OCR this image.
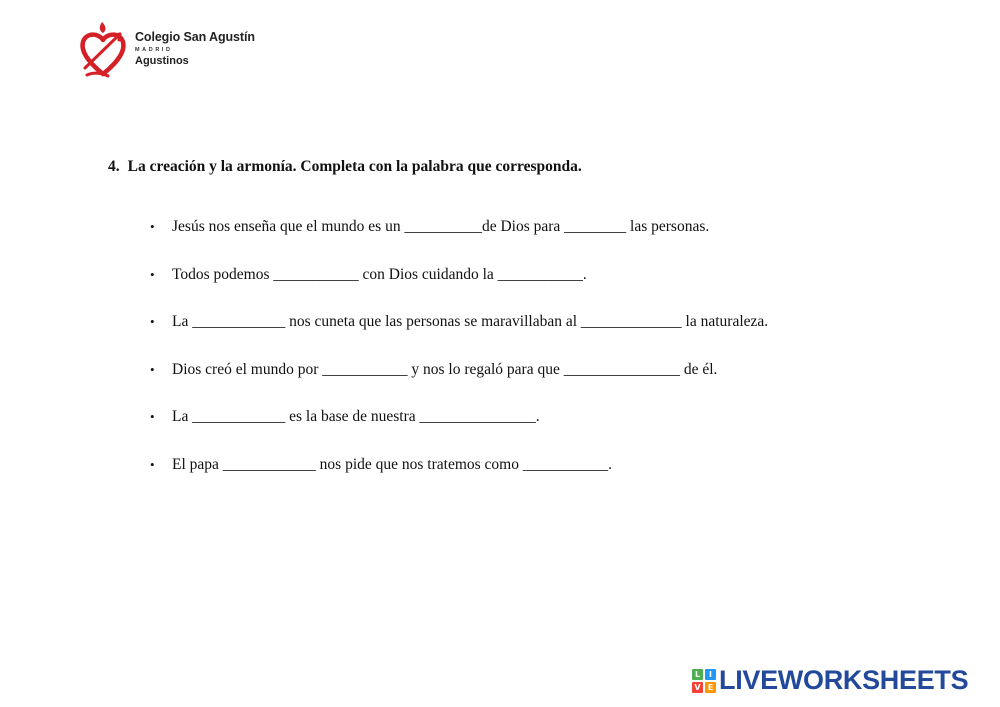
Colegio San Agustín
MADRID
Agustinos
4. La creación y la armonía. Completa con la palabra que corresponda.
• Jesús nos enseña que el mundo es un __________de Dios para ________ las personas.
• Todos podemos ___________ con Dios cuidando la ___________.
• La ____________ nos cuneta que las personas se maravillaban al _____________ la naturaleza.
• Dios creó el mundo por ___________ y nos lo regaló para que _______________ de él.
• La ____________ es la base de nuestra _______________.
• El papa ____________ nos pide que nos tratemos como ___________.
L	I
V E LIVEWORKSHEETS
